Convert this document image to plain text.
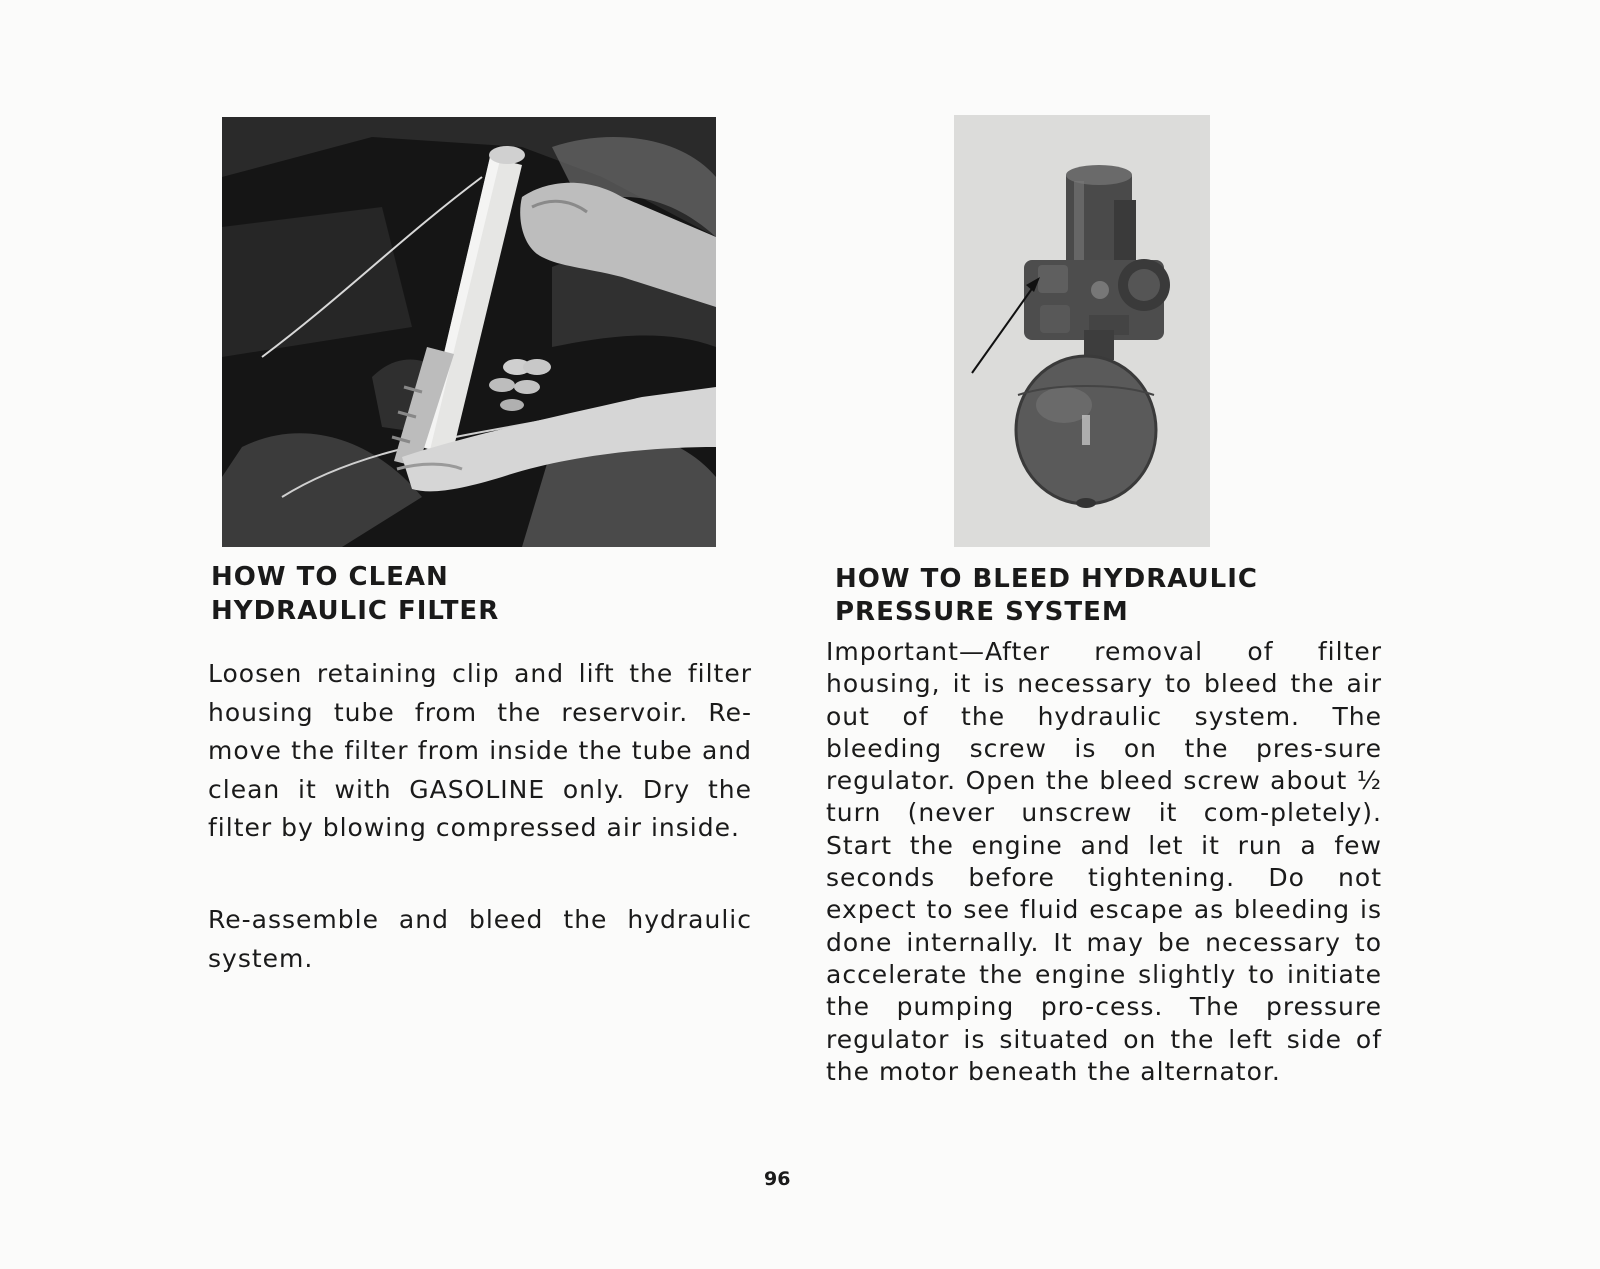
HOW TO CLEAN
HYDRAULIC FILTER

Loosen retaining clip and lift the filter housing tube from the reservoir. Re-move the filter from inside the tube and clean it with GASOLINE only. Dry the filter by blowing compressed air inside.

Re-assemble and bleed the hydraulic system.

HOW TO BLEED HYDRAULIC
PRESSURE SYSTEM

Important—After removal of filter housing, it is necessary to bleed the air out of the hydraulic system. The bleeding screw is on the pres-sure regulator. Open the bleed screw about ½ turn (never unscrew it com-pletely). Start the engine and let it run a few seconds before tightening. Do not expect to see fluid escape as bleeding is done internally. It may be necessary to accelerate the engine slightly to initiate the pumping pro-cess. The pressure regulator is situated on the left side of the motor beneath the alternator.

96
